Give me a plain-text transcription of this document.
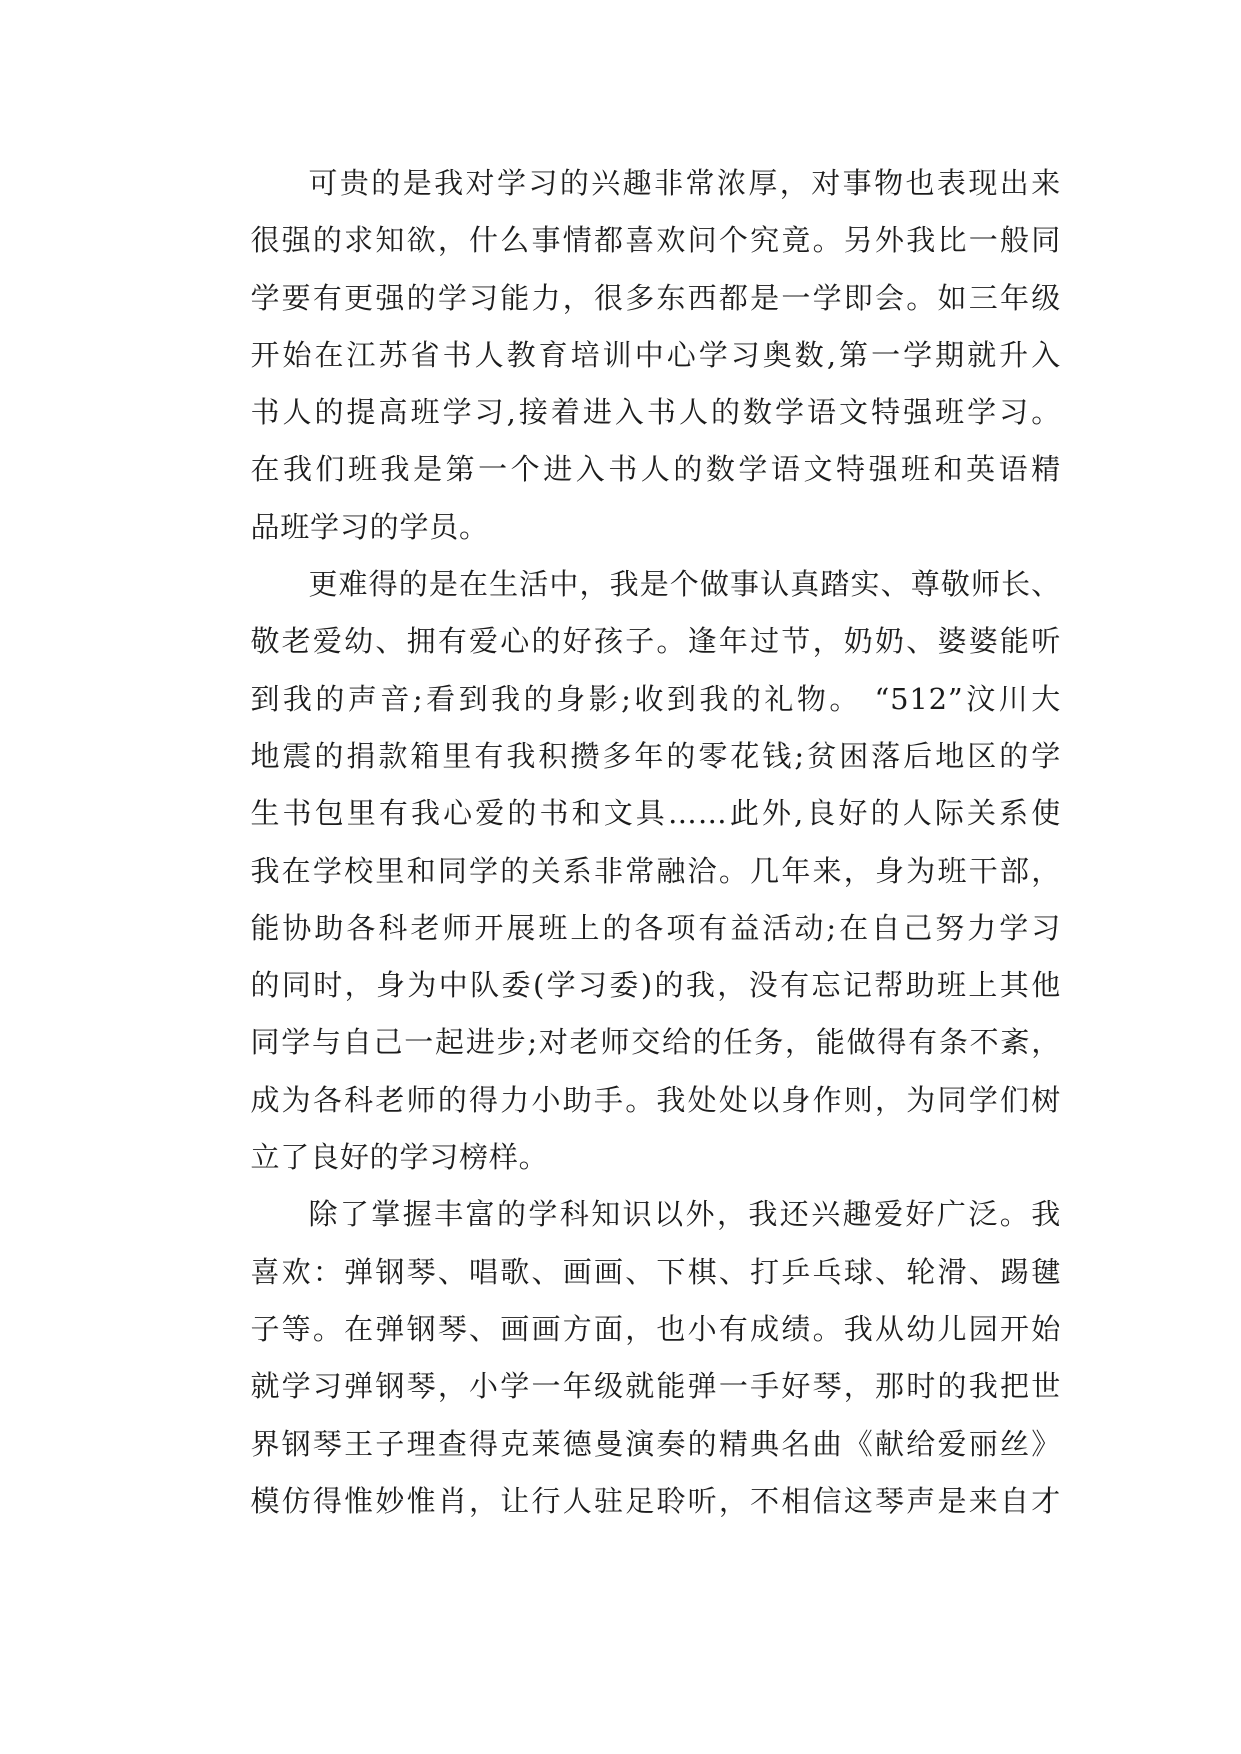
可贵的是我对学习的兴趣非常浓厚，对事物也表现出来
很强的求知欲，什么事情都喜欢问个究竟。另外我比一般同
学要有更强的学习能力，很多东西都是一学即会。如三年级
开始在江苏省书人教育培训中心学习奥数,第一学期就升入
书人的提高班学习,接着进入书人的数学语文特强班学习。
在我们班我是第一个进入书人的数学语文特强班和英语精
品班学习的学员。
更难得的是在生活中，我是个做事认真踏实、尊敬师长、
敬老爱幼、拥有爱心的好孩子。逢年过节，奶奶、婆婆能听
到我的声音;看到我的身影;收到我的礼物。 “512”汶川大
地震的捐款箱里有我积攒多年的零花钱;贫困落后地区的学
生书包里有我心爱的书和文具……此外,良好的人际关系使
我在学校里和同学的关系非常融洽。几年来，身为班干部，
能协助各科老师开展班上的各项有益活动;在自己努力学习
的同时，身为中队委(学习委)的我，没有忘记帮助班上其他
同学与自己一起进步;对老师交给的任务，能做得有条不紊，
成为各科老师的得力小助手。我处处以身作则，为同学们树
立了良好的学习榜样。
除了掌握丰富的学科知识以外，我还兴趣爱好广泛。我
喜欢：弹钢琴、唱歌、画画、下棋、打乒乓球、轮滑、踢毽
子等。在弹钢琴、画画方面，也小有成绩。我从幼儿园开始
就学习弹钢琴，小学一年级就能弹一手好琴，那时的我把世
界钢琴王子理查得克莱德曼演奏的精典名曲《献给爱丽丝》
模仿得惟妙惟肖，让行人驻足聆听，不相信这琴声是来自才
